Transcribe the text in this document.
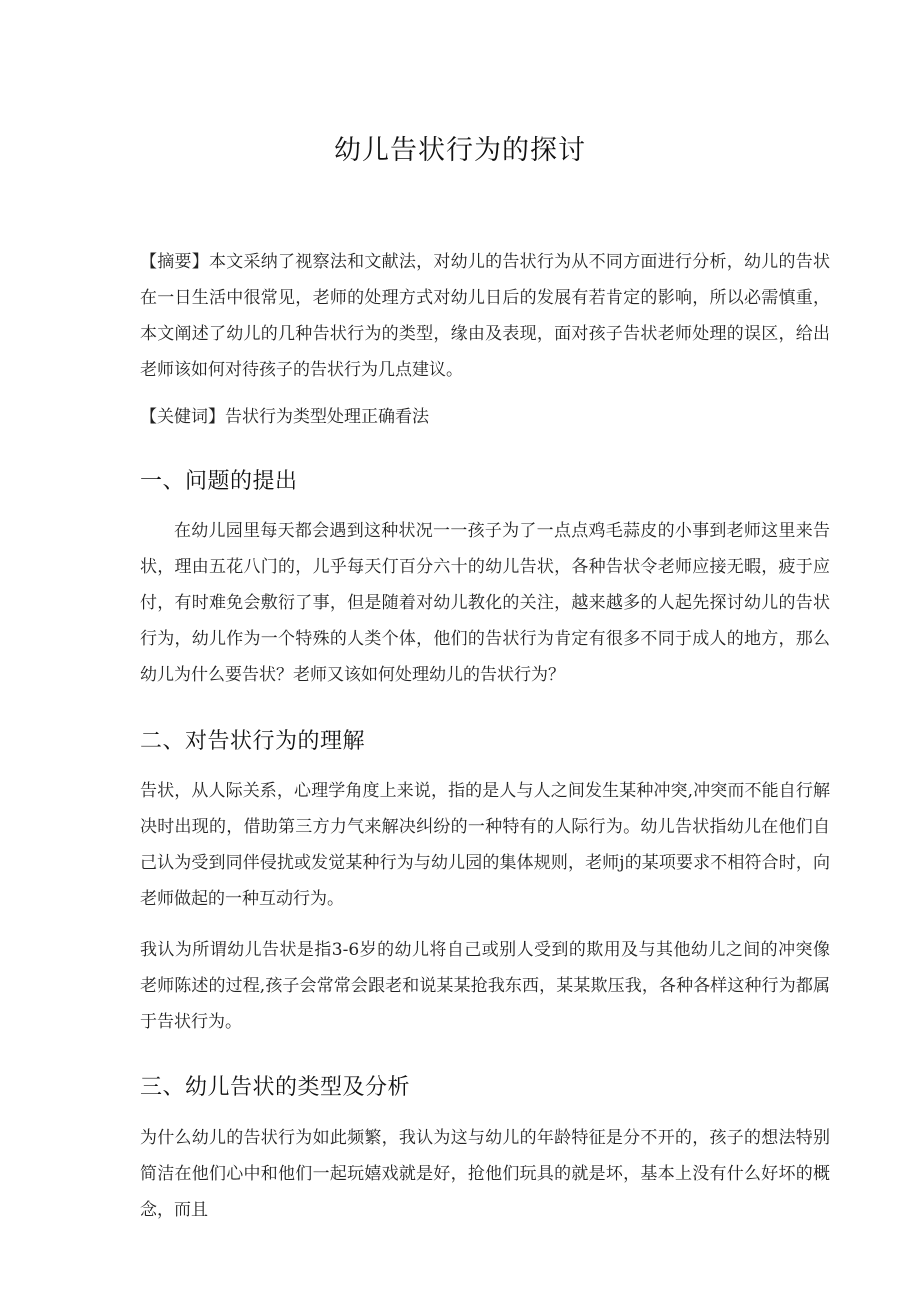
幼儿告状行为的探讨

【摘要】本文采纳了视察法和文献法，对幼儿的告状行为从不同方面进行分析，幼儿的告状在一日生活中很常见，老师的处理方式对幼儿日后的发展有若肯定的影响，所以必需慎重，本文阐述了幼儿的几种告状行为的类型，缘由及表现，面对孩子告状老师处理的误区，给出老师该如何对待孩子的告状行为几点建议。

【关健词】告状行为类型处理正确看法

一、问题的提出

在幼儿园里每天都会遇到这种状况一一孩子为了一点点鸡毛蒜皮的小事到老师这里来告状，理由五花八门的，儿乎每天仃百分六十的幼儿告状，各种告状令老师应接无暇，疲于应付，有时难免会敷衍了事，但是随着对幼儿教化的关注，越来越多的人起先探讨幼儿的告状行为，幼儿作为一个特殊的人类个体，他们的告状行为肯定有很多不同于成人的地方，那么幼儿为什么要告状？老师又该如何处理幼儿的告状行为？

二、对告状行为的理解

告状，从人际关系，心理学角度上来说，指的是人与人之间发生某种冲突,冲突而不能自行解决时出现的，借助第三方力气来解决纠纷的一种特有的人际行为。幼儿告状指幼儿在他们自己认为受到同伴侵扰或发觉某种行为与幼儿园的集体规则，老师j的某项要求不相符合时，向老师做起的一种互动行为。

我认为所谓幼儿告状是指3-6岁的幼儿将自己或别人受到的欺用及与其他幼儿之间的冲突像老师陈述的过程,孩子会常常会跟老和说某某抢我东西，某某欺压我，各种各样这种行为都属于告状行为。

三、幼儿告状的类型及分析

为什么幼儿的告状行为如此频繁，我认为这与幼儿的年龄特征是分不开的，孩子的想法特别简洁在他们心中和他们一起玩嬉戏就是好，抢他们玩具的就是坏，基本上没有什么好坏的概念，而且
